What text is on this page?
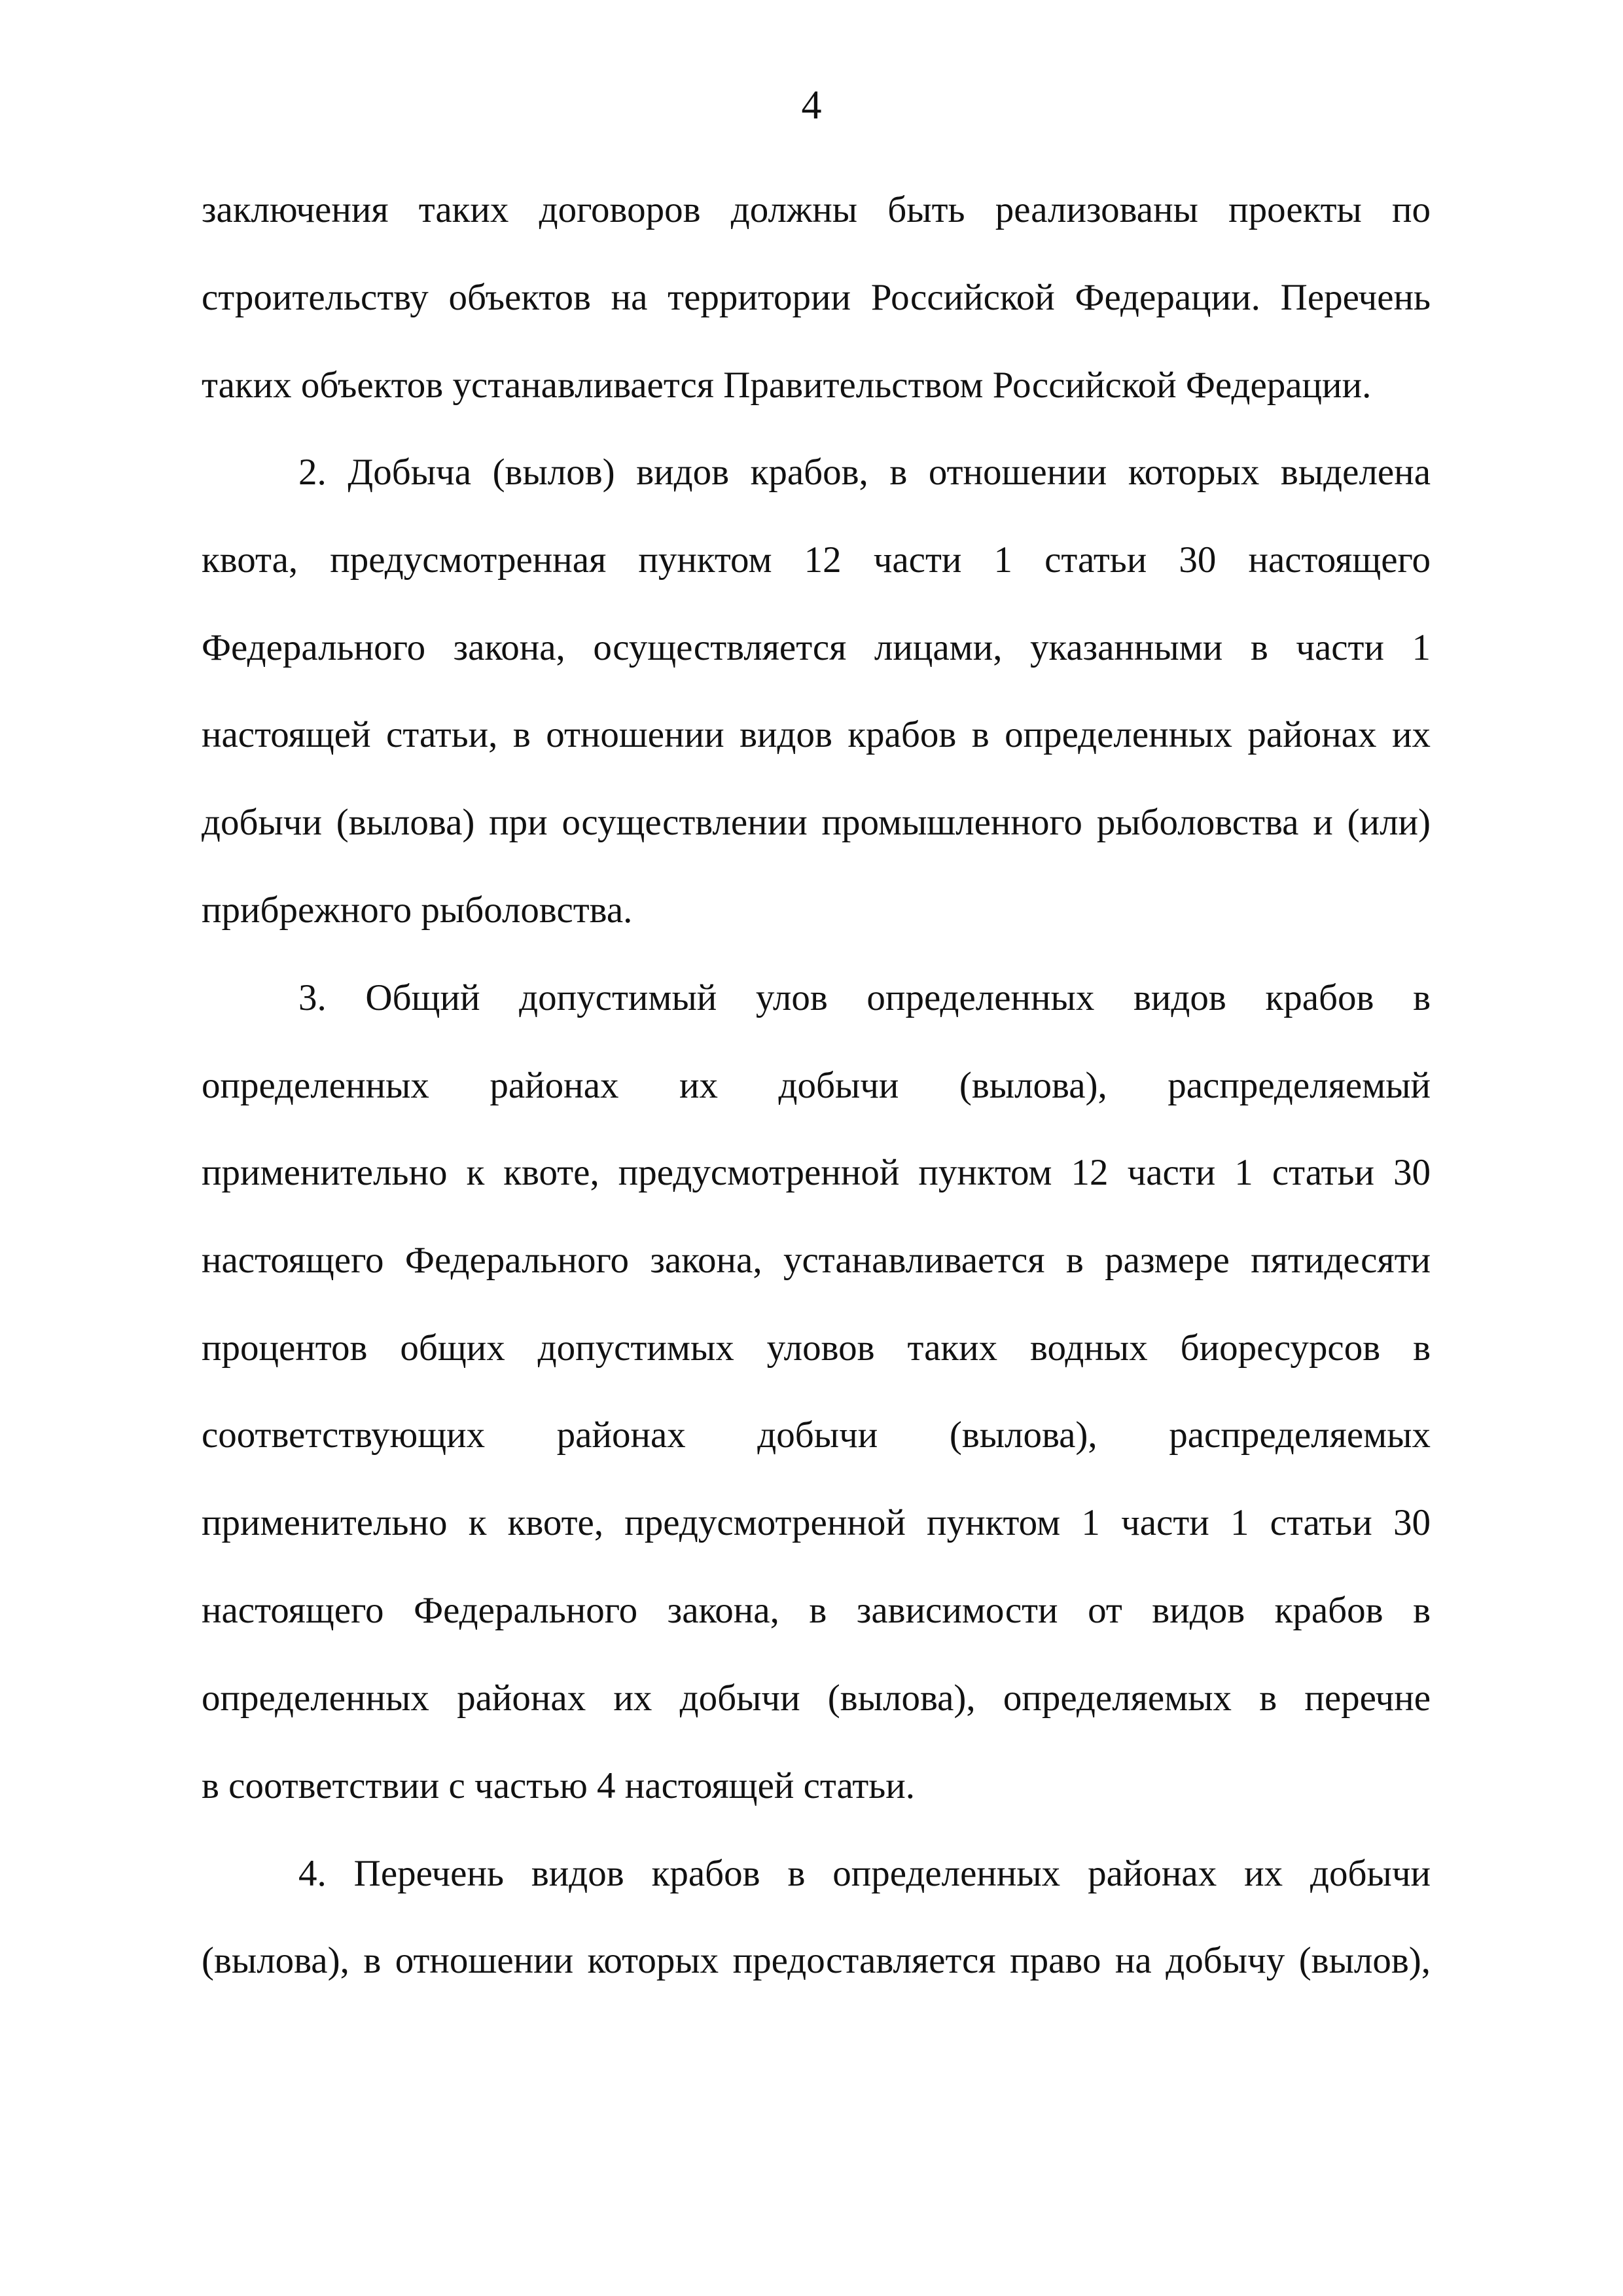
4
заключения таких договоров должны быть реализованы проекты по
строительству объектов на территории Российской Федерации. Перечень
таких объектов устанавливается Правительством Российской Федерации.
2. Добыча (вылов) видов крабов, в отношении которых выделена
квота, предусмотренная пунктом 12 части 1 статьи 30 настоящего
Федерального закона, осуществляется лицами, указанными в части 1
настоящей статьи, в отношении видов крабов в определенных районах их
добычи (вылова) при осуществлении промышленного рыболовства и (или)
прибрежного рыболовства.
3. Общий допустимый улов определенных видов крабов в
определенных районах их добычи (вылова), распределяемый
применительно к квоте, предусмотренной пунктом 12 части 1 статьи 30
настоящего Федерального закона, устанавливается в размере пятидесяти
процентов общих допустимых уловов таких водных биоресурсов в
соответствующих районах добычи (вылова), распределяемых
применительно к квоте, предусмотренной пунктом 1 части 1 статьи 30
настоящего Федерального закона, в зависимости от видов крабов в
определенных районах их добычи (вылова), определяемых в перечне
в соответствии с частью 4 настоящей статьи.
4. Перечень видов крабов в определенных районах их добычи
(вылова), в отношении которых предоставляется право на добычу (вылов),
